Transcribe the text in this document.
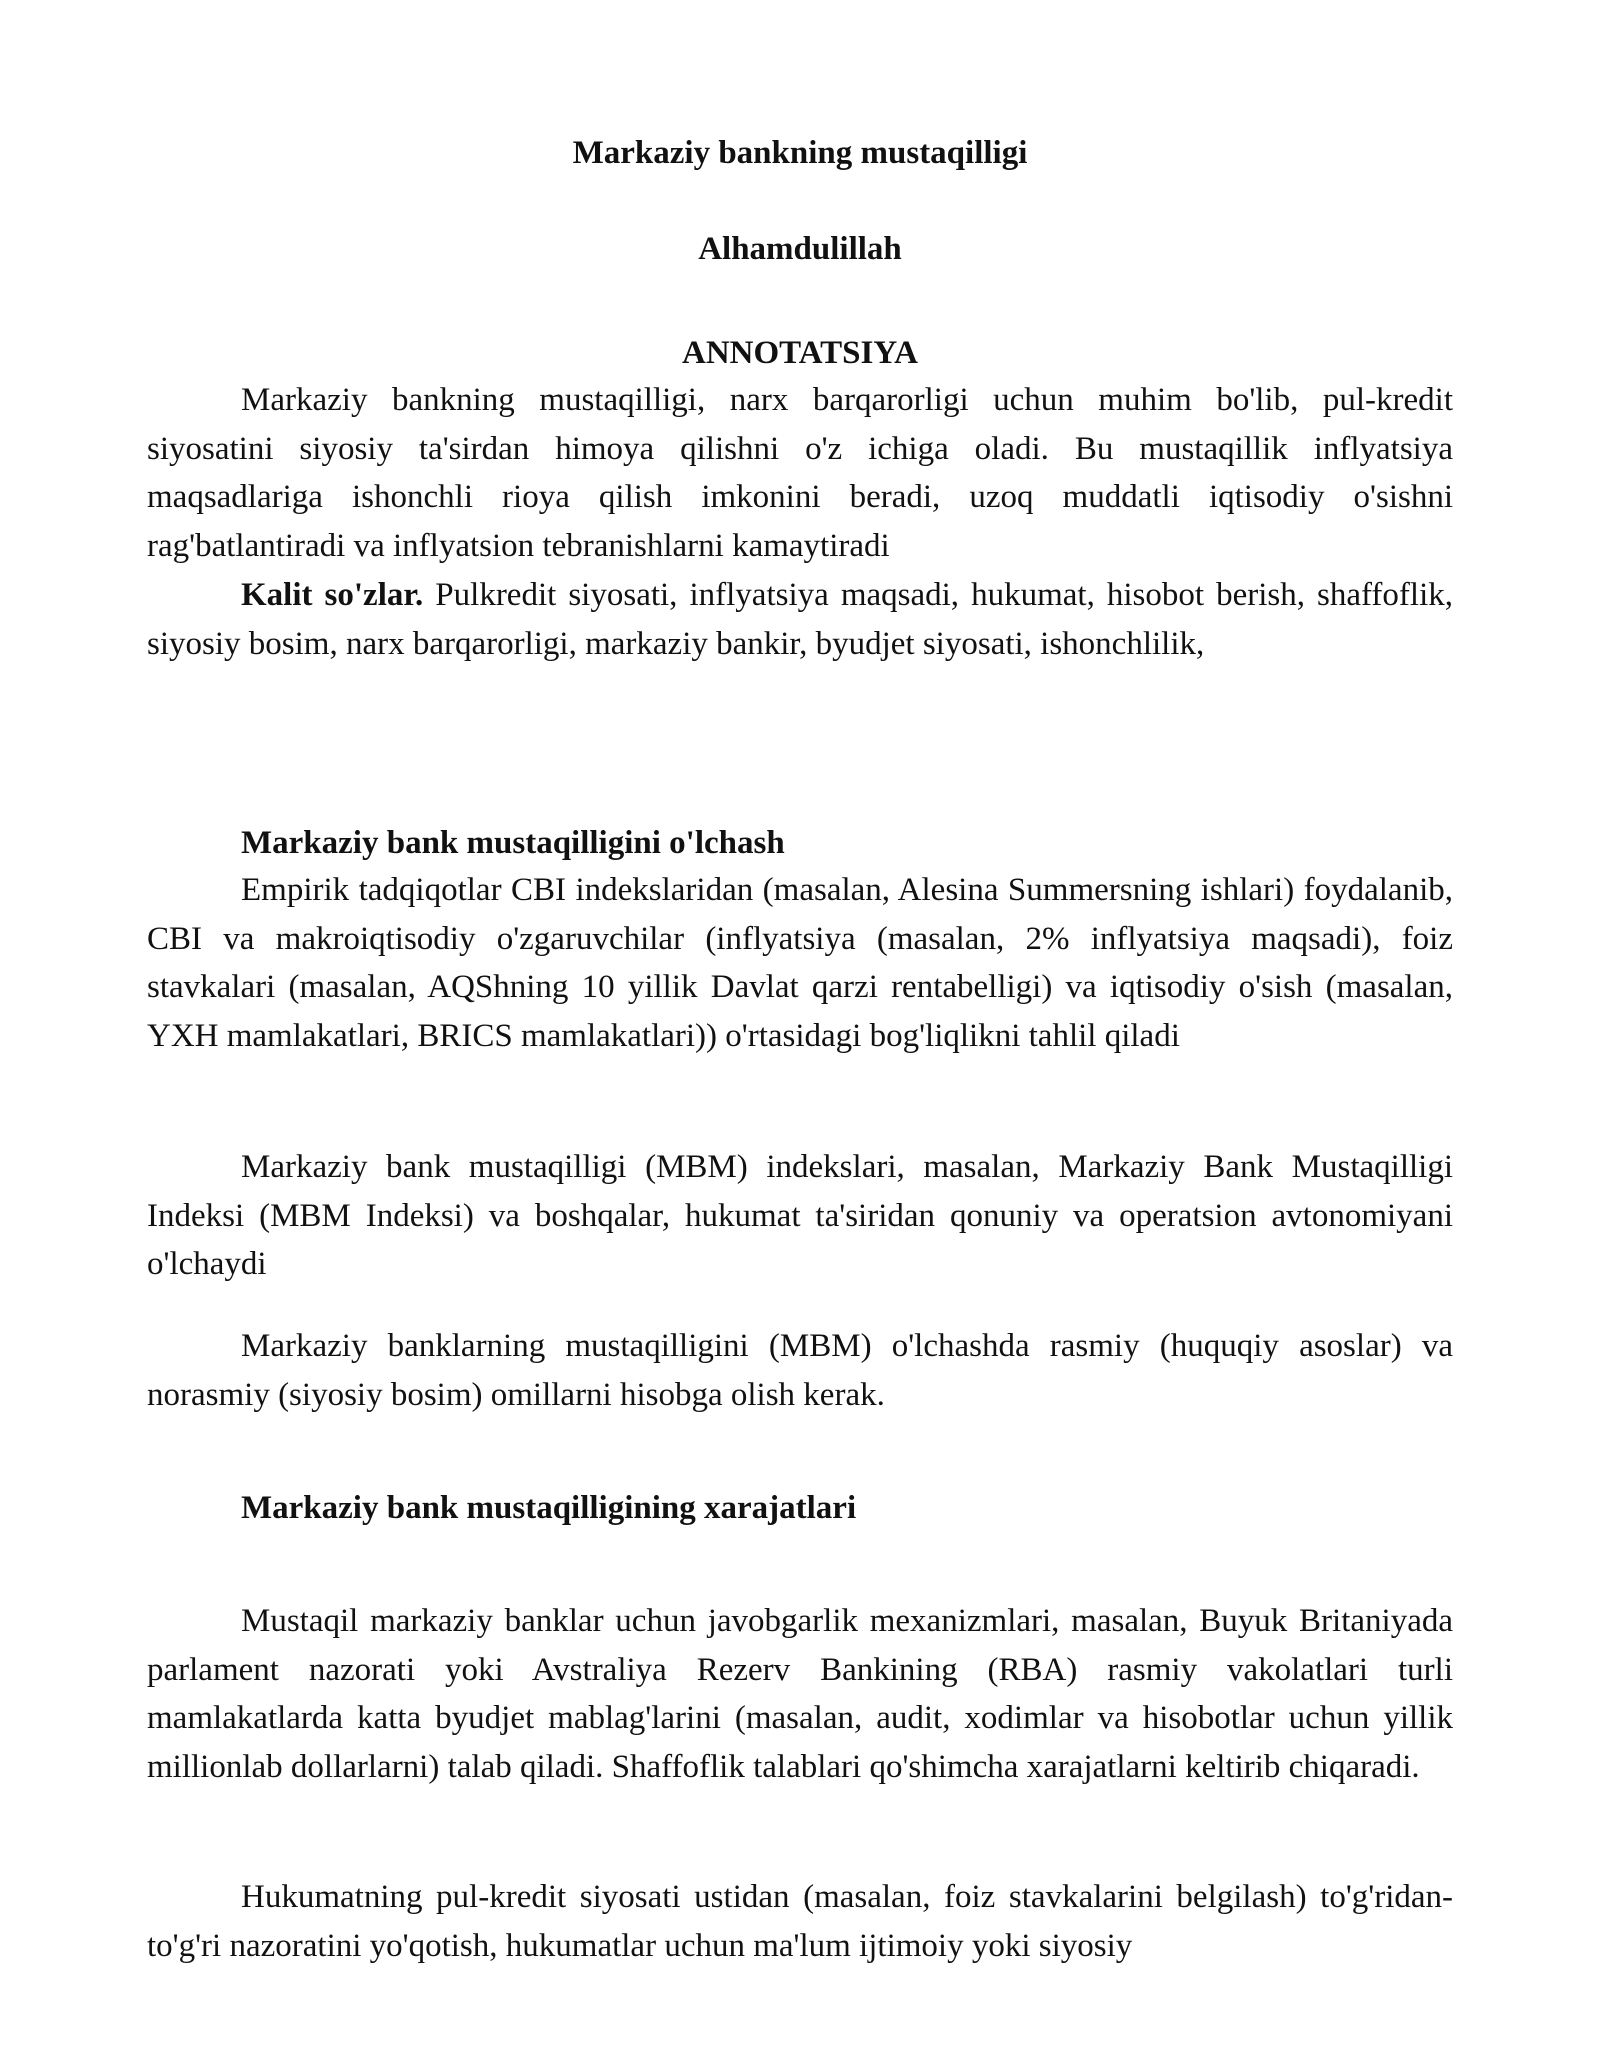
Markaziy bankning mustaqilligi
Alhamdulillah
ANNOTATSIYA

Markaziy bankning mustaqilligi, narx barqarorligi uchun muhim bo'lib, pul-kredit siyosatini siyosiy ta'sirdan himoya qilishni o'z ichiga oladi. Bu mustaqillik inflyatsiya maqsadlariga ishonchli rioya qilish imkonini beradi, uzoq muddatli iqtisodiy o'sishni rag'batlantiradi va inflyatsion tebranishlarni kamaytiradi

Kalit so'zlar. Pulkredit siyosati, inflyatsiya maqsadi, hukumat, hisobot berish, shaffoflik, siyosiy bosim, narx barqarorligi, markaziy bankir, byudjet siyosati, ishonchlilik,

Markaziy bank mustaqilligini o'lchash

Empirik tadqiqotlar CBI indekslaridan (masalan, Alesina Summersning ishlari) foydalanib, CBI va makroiqtisodiy o'zgaruvchilar (inflyatsiya (masalan, 2% inflyatsiya maqsadi), foiz stavkalari (masalan, AQShning 10 yillik Davlat qarzi rentabelligi) va iqtisodiy o'sish (masalan, YXH mamlakatlari, BRICS mamlakatlari)) o'rtasidagi bog'liqlikni tahlil qiladi

Markaziy bank mustaqilligi (MBM) indekslari, masalan, Markaziy Bank Mustaqilligi Indeksi (MBM Indeksi) va boshqalar, hukumat ta'siridan qonuniy va operatsion avtonomiyani o'lchaydi

Markaziy banklarning mustaqilligini (MBM) o'lchashda rasmiy (huquqiy asoslar) va norasmiy (siyosiy bosim) omillarni hisobga olish kerak.

Markaziy bank mustaqilligining xarajatlari

Mustaqil markaziy banklar uchun javobgarlik mexanizmlari, masalan, Buyuk Britaniyada parlament nazorati yoki Avstraliya Rezerv Bankining (RBA) rasmiy vakolatlari turli mamlakatlarda katta byudjet mablag'larini (masalan, audit, xodimlar va hisobotlar uchun yillik millionlab dollarlarni) talab qiladi. Shaffoflik talablari qo'shimcha xarajatlarni keltirib chiqaradi.

Hukumatning pul-kredit siyosati ustidan (masalan, foiz stavkalarini belgilash) to'g'ridan-to'g'ri nazoratini yo'qotish, hukumatlar uchun ma'lum ijtimoiy yoki siyosiy
